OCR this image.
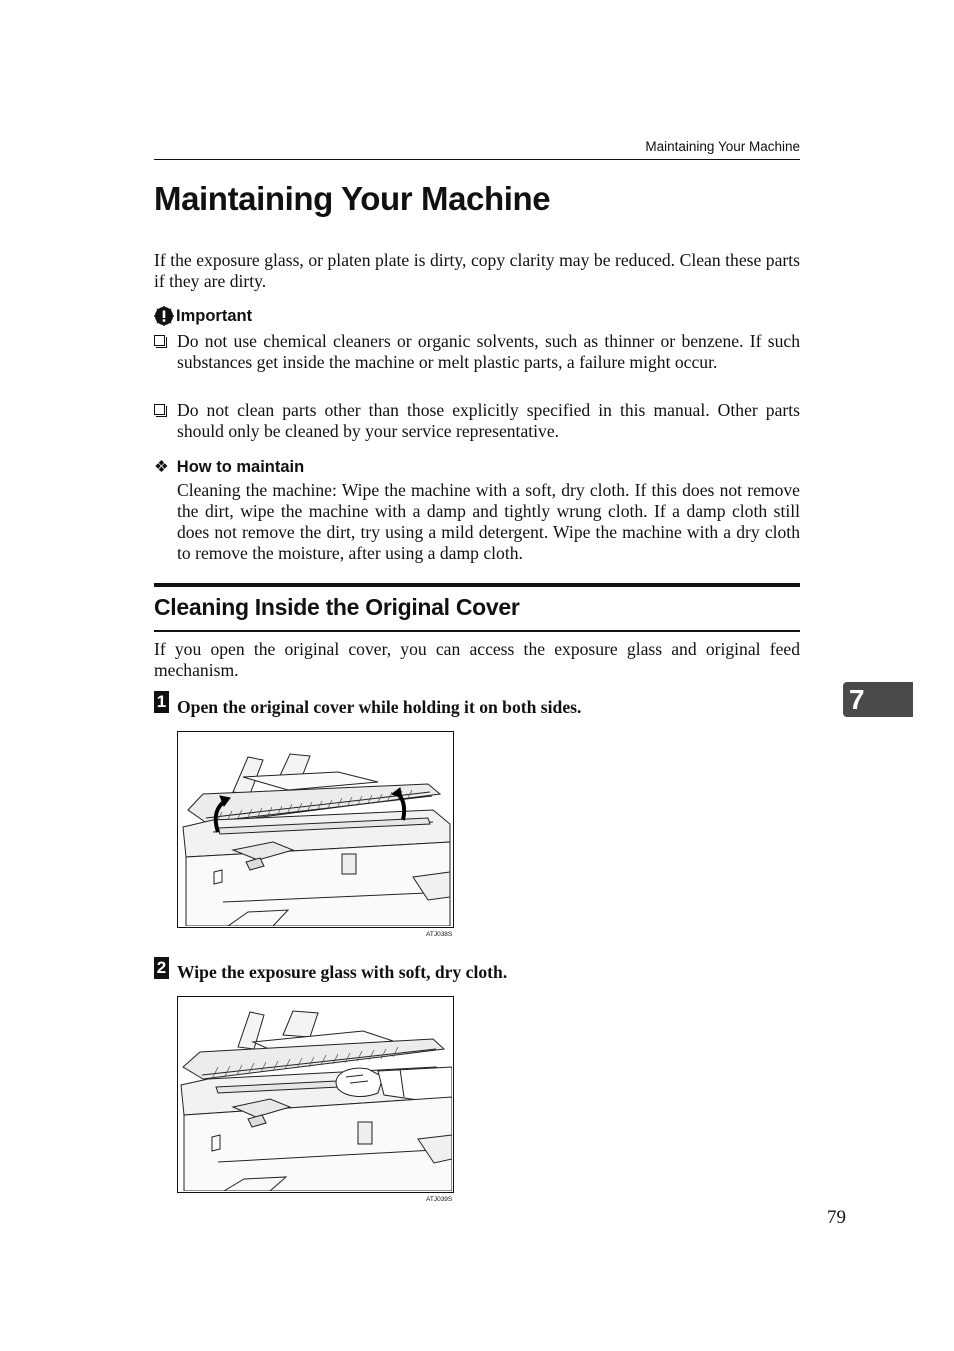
Maintaining Your Machine
Maintaining Your Machine
If the exposure glass, or platen plate is dirty, copy clarity may be reduced. Clean these parts if they are dirty.
Important
Do not use chemical cleaners or organic solvents, such as thinner or benzene. If such substances get inside the machine or melt plastic parts, a failure might occur.
Do not clean parts other than those explicitly specified in this manual. Other parts should only be cleaned by your service representative.
❖ How to maintain
Cleaning the machine: Wipe the machine with a soft, dry cloth. If this does not remove the dirt, wipe the machine with a damp and tightly wrung cloth. If a damp cloth still does not remove the dirt, try using a mild detergent. Wipe the machine with a dry cloth to remove the moisture, after using a damp cloth.
Cleaning Inside the Original Cover
If you open the original cover, you can access the exposure glass and original feed mechanism.
1 Open the original cover while holding it on both sides.
ATJ038S
2 Wipe the exposure glass with soft, dry cloth.
ATJ039S
7
79
